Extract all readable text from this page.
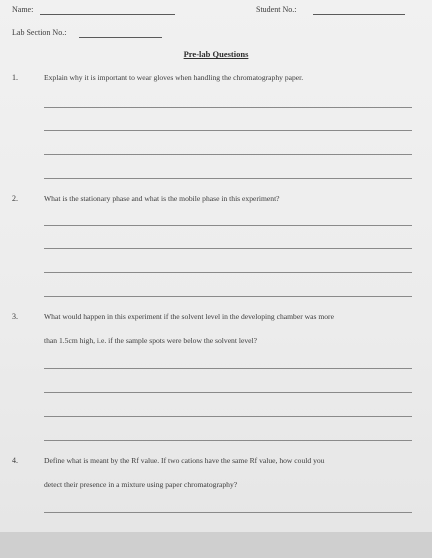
Name:	Student No.:
Lab Section No.:
Pre-lab Questions
1.	Explain why it is important to wear gloves when handling the chromatography paper.
2.	What is the stationary phase and what is the mobile phase in this experiment?
3.	What would happen in this experiment if the solvent level in the developing chamber was more
than 1.5cm high, i.e. if the sample spots were below the solvent level?
4.	Define what is meant by the Rf value. If two cations have the same Rf value, how could you
detect their presence in a mixture using paper chromatography?
